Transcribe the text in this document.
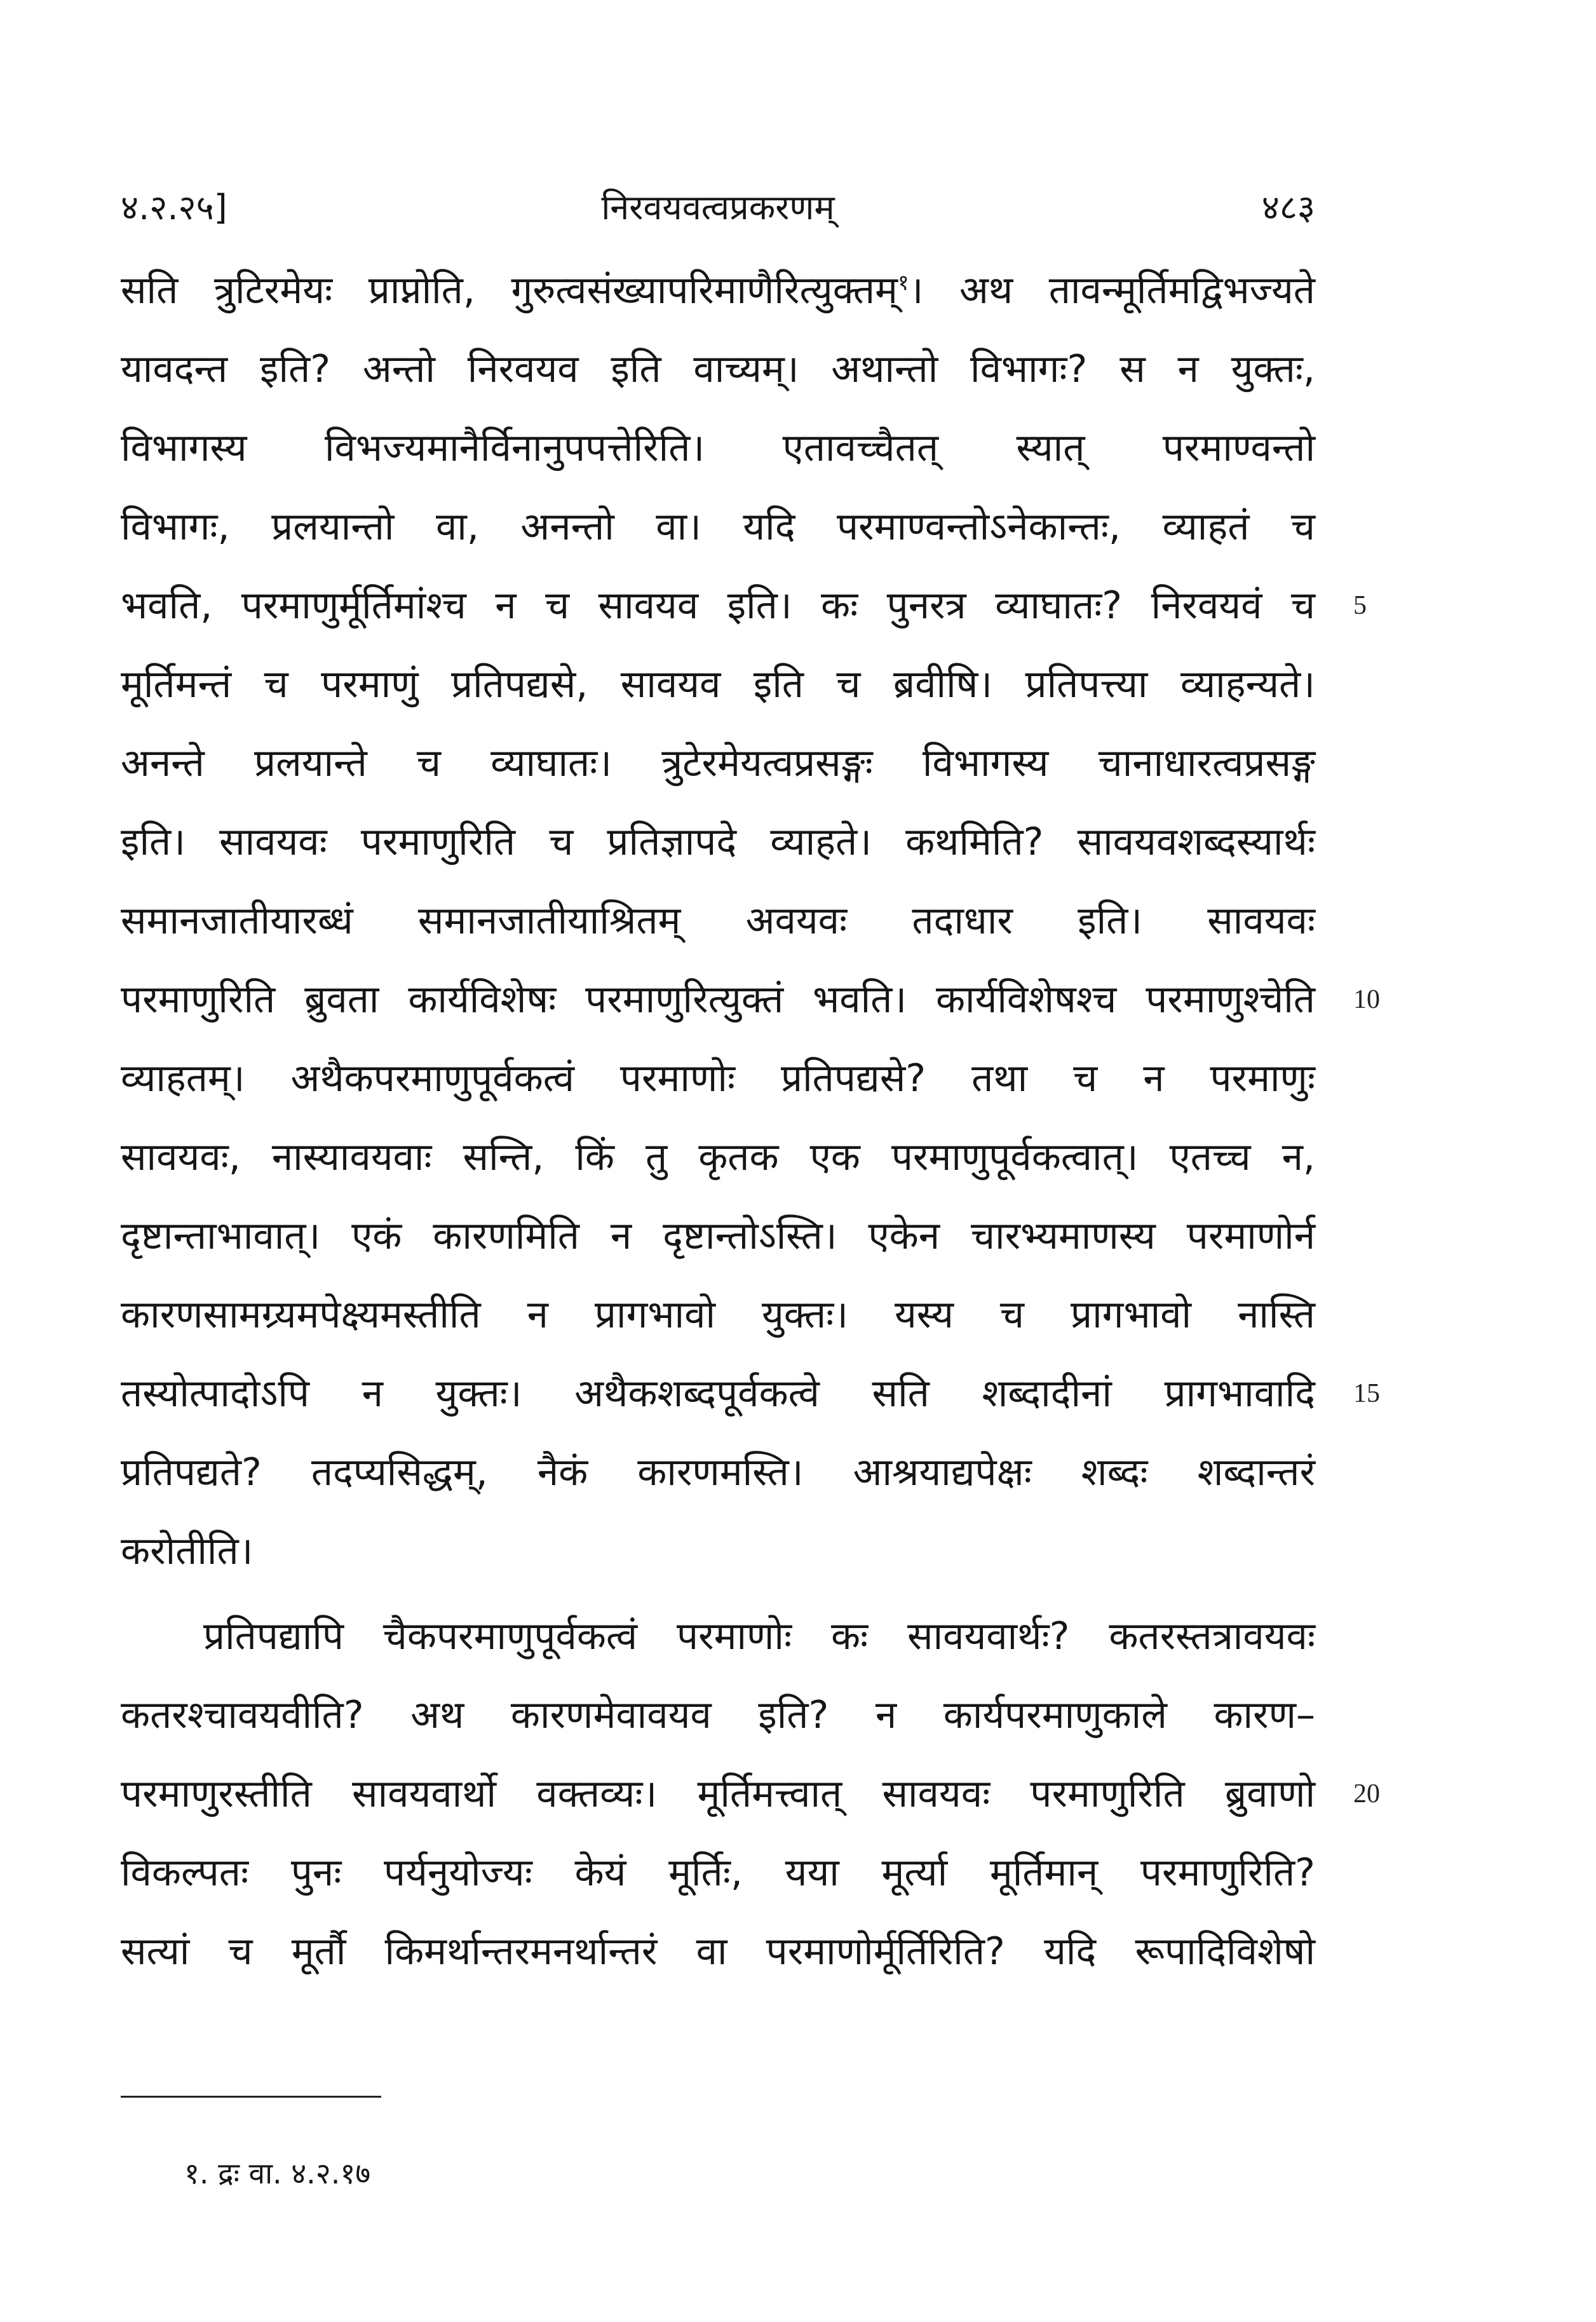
४.२.२५]	निरवयवत्वप्रकरणम्	४८३
सति त्रुटिरमेयः प्राप्नोति, गुरुत्वसंख्यापरिमाणैरित्युक्तम्$^१$। अथ तावन्मूर्तिमद्विभज्यते
यावदन्त इति? अन्तो निरवयव इति वाच्यम्। अथान्तो विभागः? स न युक्तः,
विभागस्य विभज्यमानैर्विनानुपपत्तेरिति। एतावच्चैतत् स्यात् परमाण्वन्तो
विभागः, प्रलयान्तो वा, अनन्तो वा। यदि परमाण्वन्तोऽनेकान्तः, व्याहतं च
भवति, परमाणुर्मूर्तिमांश्च न च सावयव इति। कः पुनरत्र व्याघातः? निरवयवं च
मूर्तिमन्तं च परमाणुं प्रतिपद्यसे, सावयव इति च ब्रवीषि। प्रतिपत्त्या व्याहन्यते।
अनन्ते प्रलयान्ते च व्याघातः। त्रुटेरमेयत्वप्रसङ्गः विभागस्य चानाधारत्वप्रसङ्ग
इति। सावयवः परमाणुरिति च प्रतिज्ञापदे व्याहते। कथमिति? सावयवशब्दस्यार्थः
समानजातीयारब्धं समानजातीयाश्रितम् अवयवः तदाधार इति। सावयवः
परमाणुरिति ब्रुवता कार्यविशेषः परमाणुरित्युक्तं भवति। कार्यविशेषश्च परमाणुश्चेति
व्याहतम्। अथैकपरमाणुपूर्वकत्वं परमाणोः प्रतिपद्यसे? तथा च न परमाणुः
सावयवः, नास्यावयवाः सन्ति, किं तु कृतक एक परमाणुपूर्वकत्वात्। एतच्च न,
दृष्टान्ताभावात्। एकं कारणमिति न दृष्टान्तोऽस्ति। एकेन चारभ्यमाणस्य परमाणोर्न
कारणसामग्र्यमपेक्ष्यमस्तीति न प्रागभावो युक्तः। यस्य च प्रागभावो नास्ति
तस्योत्पादोऽपि न युक्तः। अथैकशब्दपूर्वकत्वे सति शब्दादीनां प्रागभावादि
प्रतिपद्यते? तदप्यसिद्धम्, नैकं कारणमस्ति। आश्रयाद्यपेक्षः शब्दः शब्दान्तरं
करोतीति।
प्रतिपद्यापि चैकपरमाणुपूर्वकत्वं परमाणोः कः सावयवार्थः? कतरस्तत्रावयवः
कतरश्चावयवीति? अथ कारणमेवावयव इति? न कार्यपरमाणुकाले कारण–
परमाणुरस्तीति सावयवार्थो वक्तव्यः। मूर्तिमत्त्वात् सावयवः परमाणुरिति ब्रुवाणो
विकल्पतः पुनः पर्यनुयोज्यः केयं मूर्तिः, यया मूर्त्या मूर्तिमान् परमाणुरिति?
सत्यां च मूर्तौ किमर्थान्तरमनर्थान्तरं वा परमाणोर्मूर्तिरिति? यदि रूपादिविशेषो
5
10
15
20
१. द्रः वा. ४.२.१७
